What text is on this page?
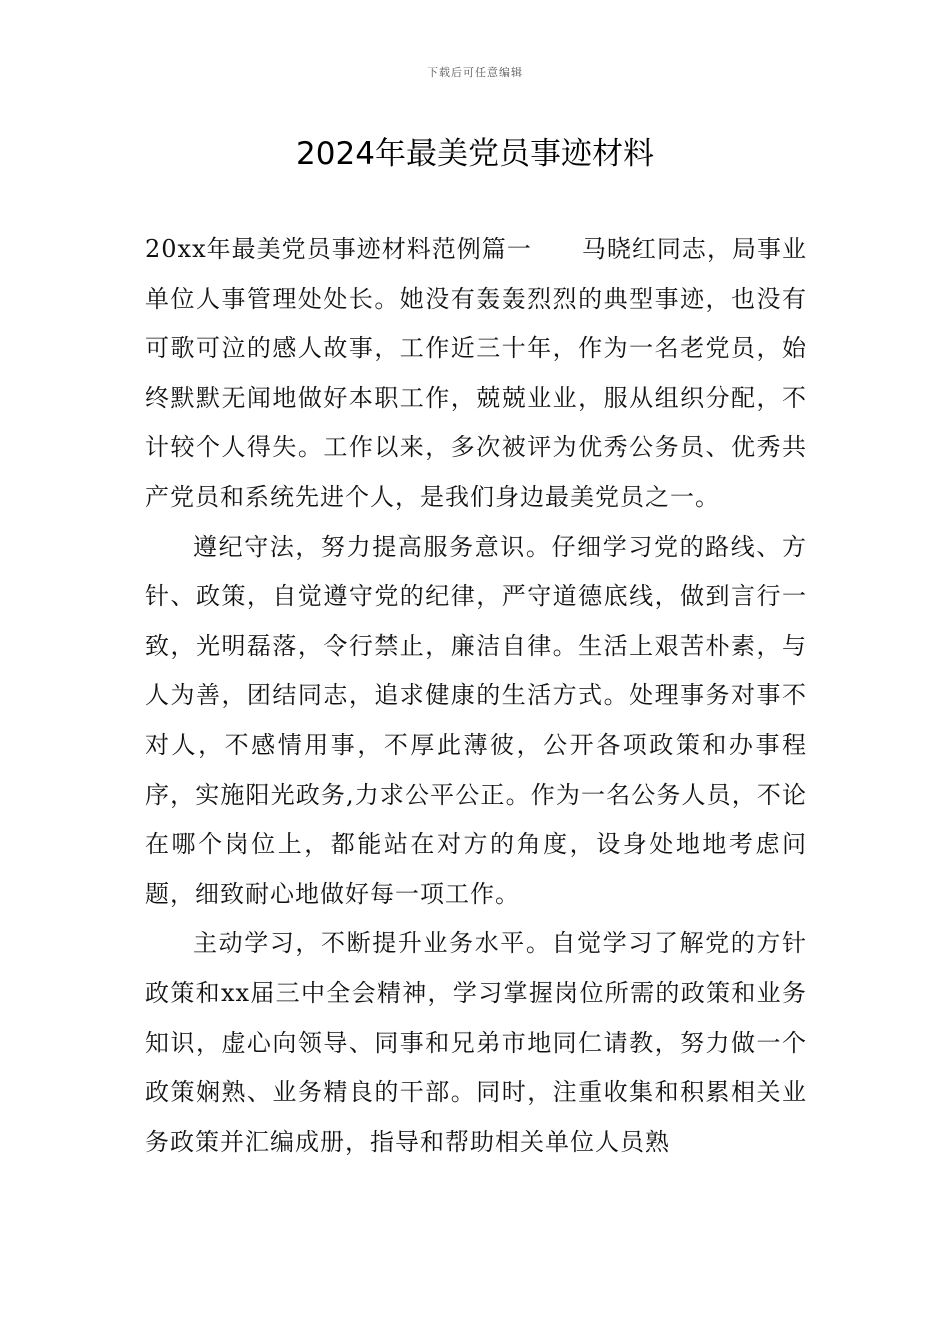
下载后可任意编辑
2024年最美党员事迹材料

20xx年最美党员事迹材料范例篇一　　马晓红同志，局事业单位人事管理处处长。她没有轰轰烈烈的典型事迹，也没有可歌可泣的感人故事，工作近三十年，作为一名老党员，始终默默无闻地做好本职工作，兢兢业业，服从组织分配，不计较个人得失。工作以来，多次被评为优秀公务员、优秀共产党员和系统先进个人，是我们身边最美党员之一。

遵纪守法，努力提高服务意识。仔细学习党的路线、方针、政策，自觉遵守党的纪律，严守道德底线，做到言行一致，光明磊落，令行禁止，廉洁自律。生活上艰苦朴素，与人为善，团结同志，追求健康的生活方式。处理事务对事不对人，不感情用事，不厚此薄彼，公开各项政策和办事程序，实施阳光政务,力求公平公正。作为一名公务人员，不论在哪个岗位上，都能站在对方的角度，设身处地地考虑问题，细致耐心地做好每一项工作。

主动学习，不断提升业务水平。自觉学习了解党的方针政策和xx届三中全会精神，学习掌握岗位所需的政策和业务知识，虚心向领导、同事和兄弟市地同仁请教，努力做一个政策娴熟、业务精良的干部。同时，注重收集和积累相关业务政策并汇编成册，指导和帮助相关单位人员熟
